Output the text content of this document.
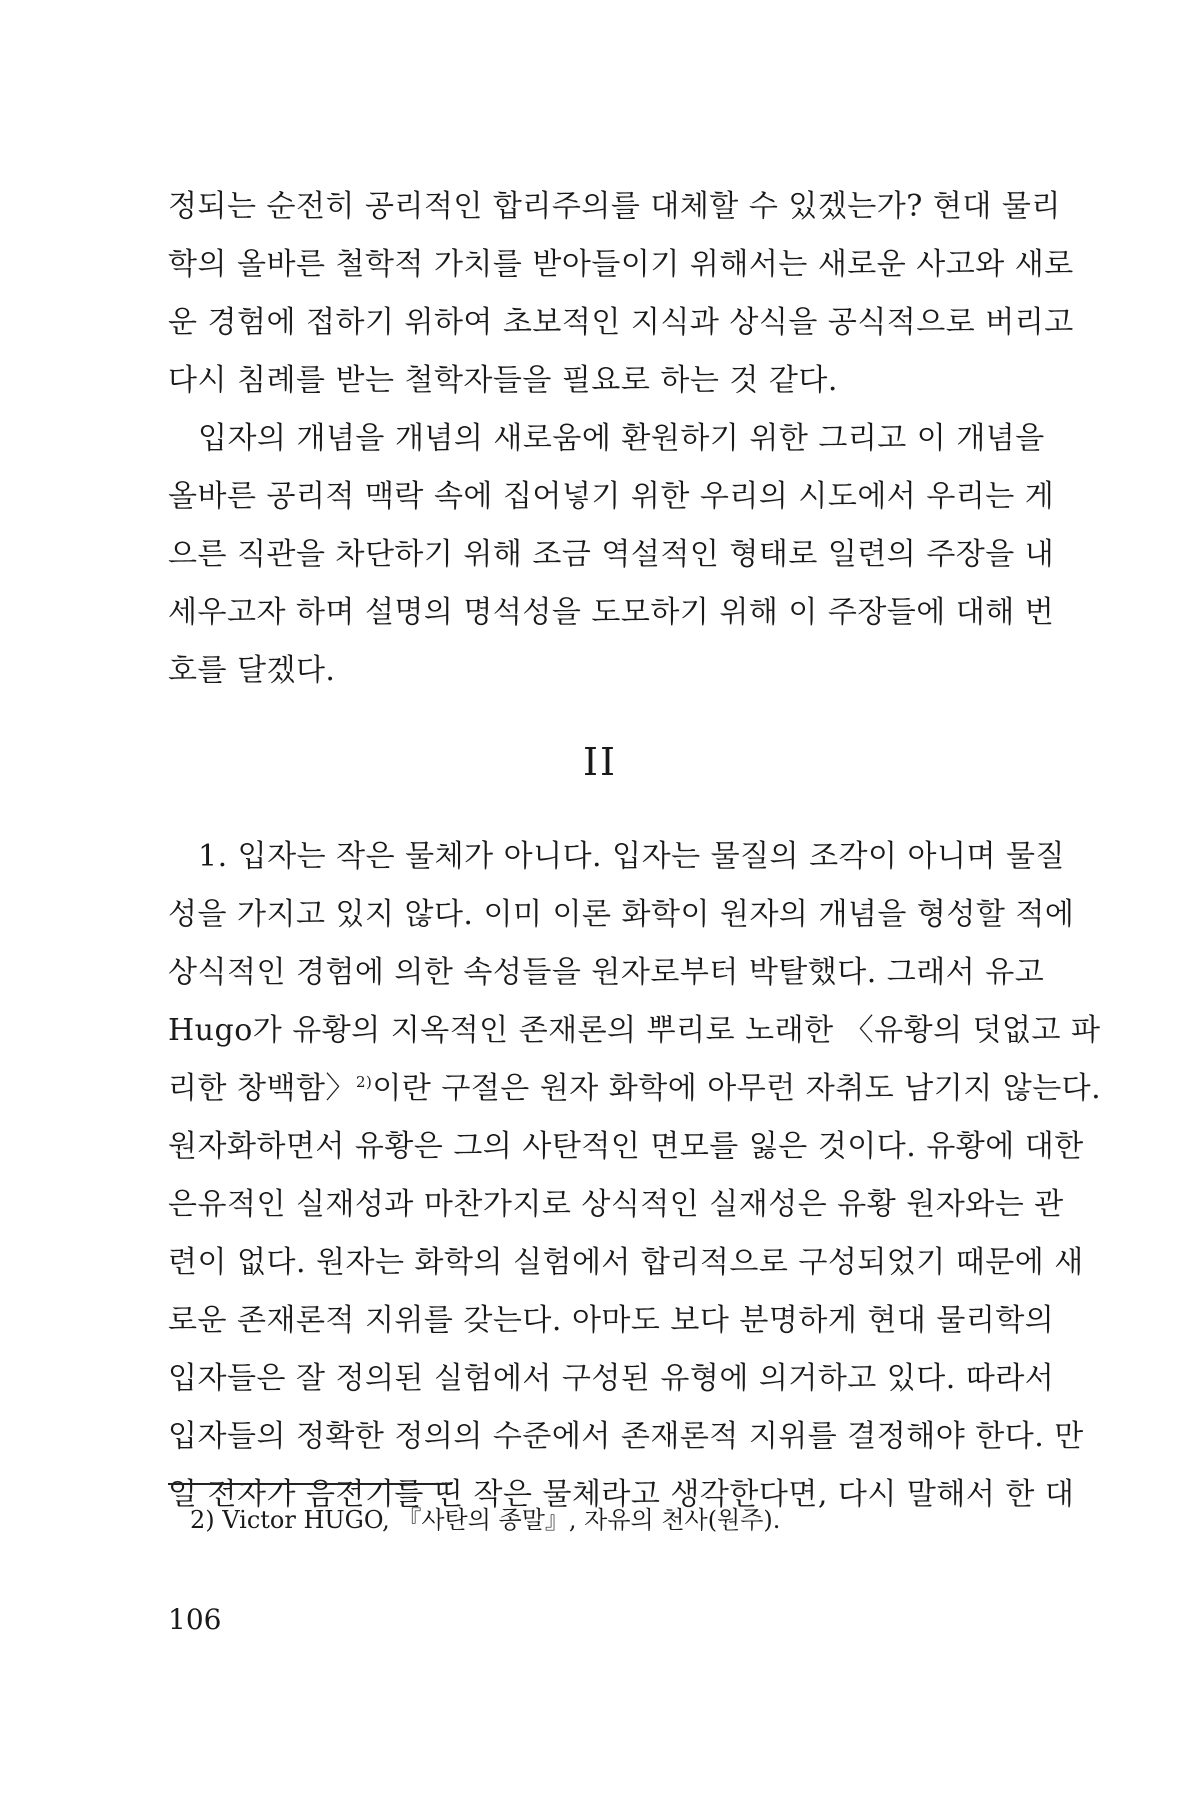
정되는 순전히 공리적인 합리주의를 대체할 수 있겠는가? 현대 물리
학의 올바른 철학적 가치를 받아들이기 위해서는 새로운 사고와 새로
운 경험에 접하기 위하여 초보적인 지식과 상식을 공식적으로 버리고
다시 침례를 받는 철학자들을 필요로 하는 것 같다.
입자의 개념을 개념의 새로움에 환원하기 위한 그리고 이 개념을
올바른 공리적 맥락 속에 집어넣기 위한 우리의 시도에서 우리는 게
으른 직관을 차단하기 위해 조금 역설적인 형태로 일련의 주장을 내
세우고자 하며 설명의 명석성을 도모하기 위해 이 주장들에 대해 번
호를 달겠다.
II
1. 입자는 작은 물체가 아니다. 입자는 물질의 조각이 아니며 물질
성을 가지고 있지 않다. 이미 이론 화학이 원자의 개념을 형성할 적에
상식적인 경험에 의한 속성들을 원자로부터 박탈했다. 그래서 유고
Hugo가 유황의 지옥적인 존재론의 뿌리로 노래한 〈유황의 덧없고 파
리한 창백함〉$^{2)}$이란 구절은 원자 화학에 아무런 자취도 남기지 않는다.
원자화하면서 유황은 그의 사탄적인 면모를 잃은 것이다. 유황에 대한
은유적인 실재성과 마찬가지로 상식적인 실재성은 유황 원자와는 관
련이 없다. 원자는 화학의 실험에서 합리적으로 구성되었기 때문에 새
로운 존재론적 지위를 갖는다. 아마도 보다 분명하게 현대 물리학의
입자들은 잘 정의된 실험에서 구성된 유형에 의거하고 있다. 따라서
입자들의 정확한 정의의 수준에서 존재론적 지위를 결정해야 한다. 만
일 전자가 음전기를 띤 작은 물체라고 생각한다면, 다시 말해서 한 대
2) Victor HUGO, 『사탄의 종말』, 자유의 천사(원주).
106
